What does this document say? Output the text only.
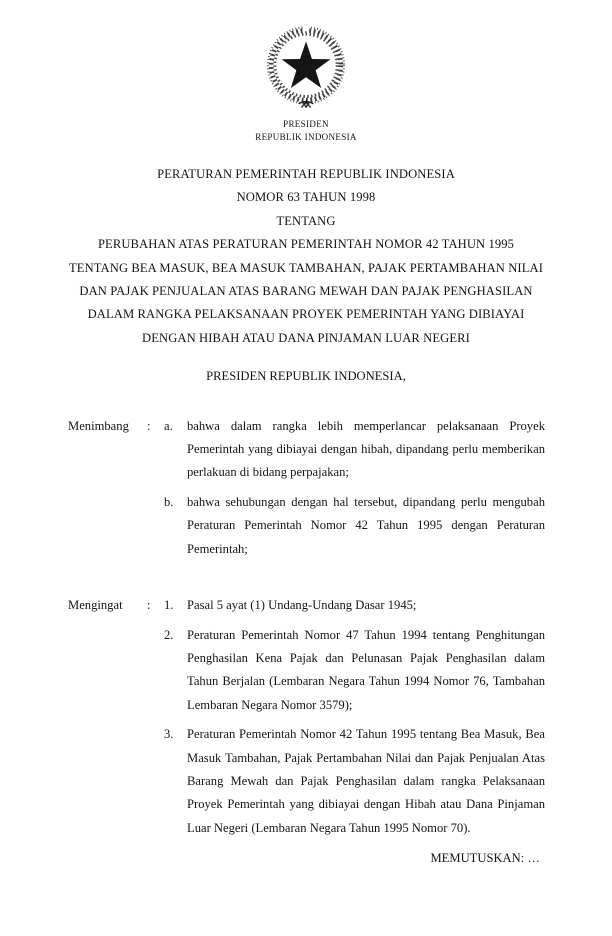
PRESIDEN
REPUBLIK INDONESIA
PERATURAN PEMERINTAH REPUBLIK INDONESIA
NOMOR 63 TAHUN 1998
TENTANG
PERUBAHAN ATAS PERATURAN PEMERINTAH NOMOR 42 TAHUN 1995
TENTANG BEA MASUK, BEA MASUK TAMBAHAN, PAJAK PERTAMBAHAN NILAI
DAN PAJAK PENJUALAN ATAS BARANG MEWAH DAN PAJAK PENGHASILAN
DALAM RANGKA PELAKSANAAN PROYEK PEMERINTAH YANG DIBIAYAI
DENGAN HIBAH ATAU DANA PINJAMAN LUAR NEGERI
PRESIDEN REPUBLIK INDONESIA,
Menimbang	:	a.	bahwa dalam rangka lebih memperlancar pelaksanaan Proyek Pemerintah yang dibiayai dengan hibah, dipandang perlu memberikan perlakuan di bidang perpajakan;
b.	bahwa sehubungan dengan hal tersebut, dipandang perlu mengubah Peraturan Pemerintah Nomor 42 Tahun 1995 dengan Peraturan Pemerintah;
Mengingat	:	1.	Pasal 5 ayat (1) Undang-Undang Dasar 1945;
2.	Peraturan Pemerintah Nomor 47 Tahun 1994 tentang Penghitungan Penghasilan Kena Pajak dan Pelunasan Pajak Penghasilan dalam Tahun Berjalan (Lembaran Negara Tahun 1994 Nomor 76, Tambahan Lembaran Negara Nomor 3579);
3.	Peraturan Pemerintah Nomor 42 Tahun 1995 tentang Bea Masuk, Bea Masuk Tambahan, Pajak Pertambahan Nilai dan Pajak Penjualan Atas Barang Mewah dan Pajak Penghasilan dalam rangka Pelaksanaan Proyek Pemerintah yang dibiayai dengan Hibah atau Dana Pinjaman Luar Negeri (Lembaran Negara Tahun 1995 Nomor 70).
MEMUTUSKAN: …
